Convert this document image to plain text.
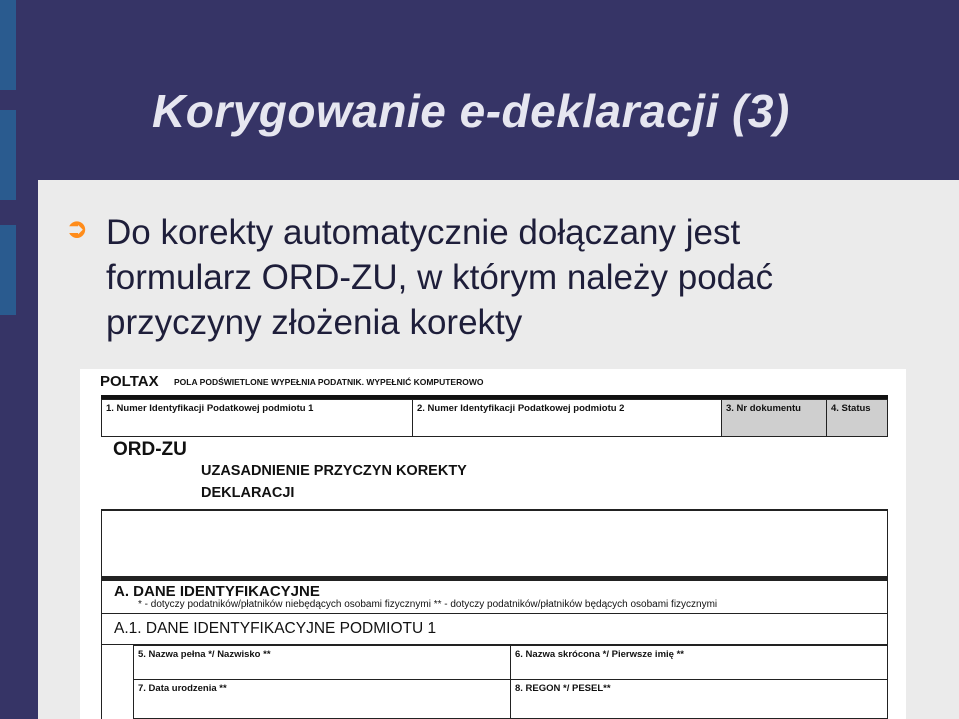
Korygowanie e-deklaracji (3)
➲ Do korekty automatycznie dołączany jest formularz ORD-ZU, w którym należy podać przyczyny złożenia korekty

POLTAX POLA PODŚWIETLONE WYPEŁNIA PODATNIK. WYPEŁNIĆ KOMPUTEROWO
1. Numer Identyfikacji Podatkowej podmiotu 1	2. Numer Identyfikacji Podatkowej podmiotu 2	3. Nr dokumentu	4. Status
ORD-ZU
UZASADNIENIE PRZYCZYN KOREKTY
DEKLARACJI
A. DANE IDENTYFIKACYJNE
* - dotyczy podatników/płatników niebędących osobami fizycznymi ** - dotyczy podatników/płatników będących osobami fizycznymi
A.1. DANE IDENTYFIKACYJNE PODMIOTU 1
5. Nazwa pełna */ Nazwisko **	6. Nazwa skrócona */ Pierwsze imię **
7. Data urodzenia **	8. REGON */ PESEL**
